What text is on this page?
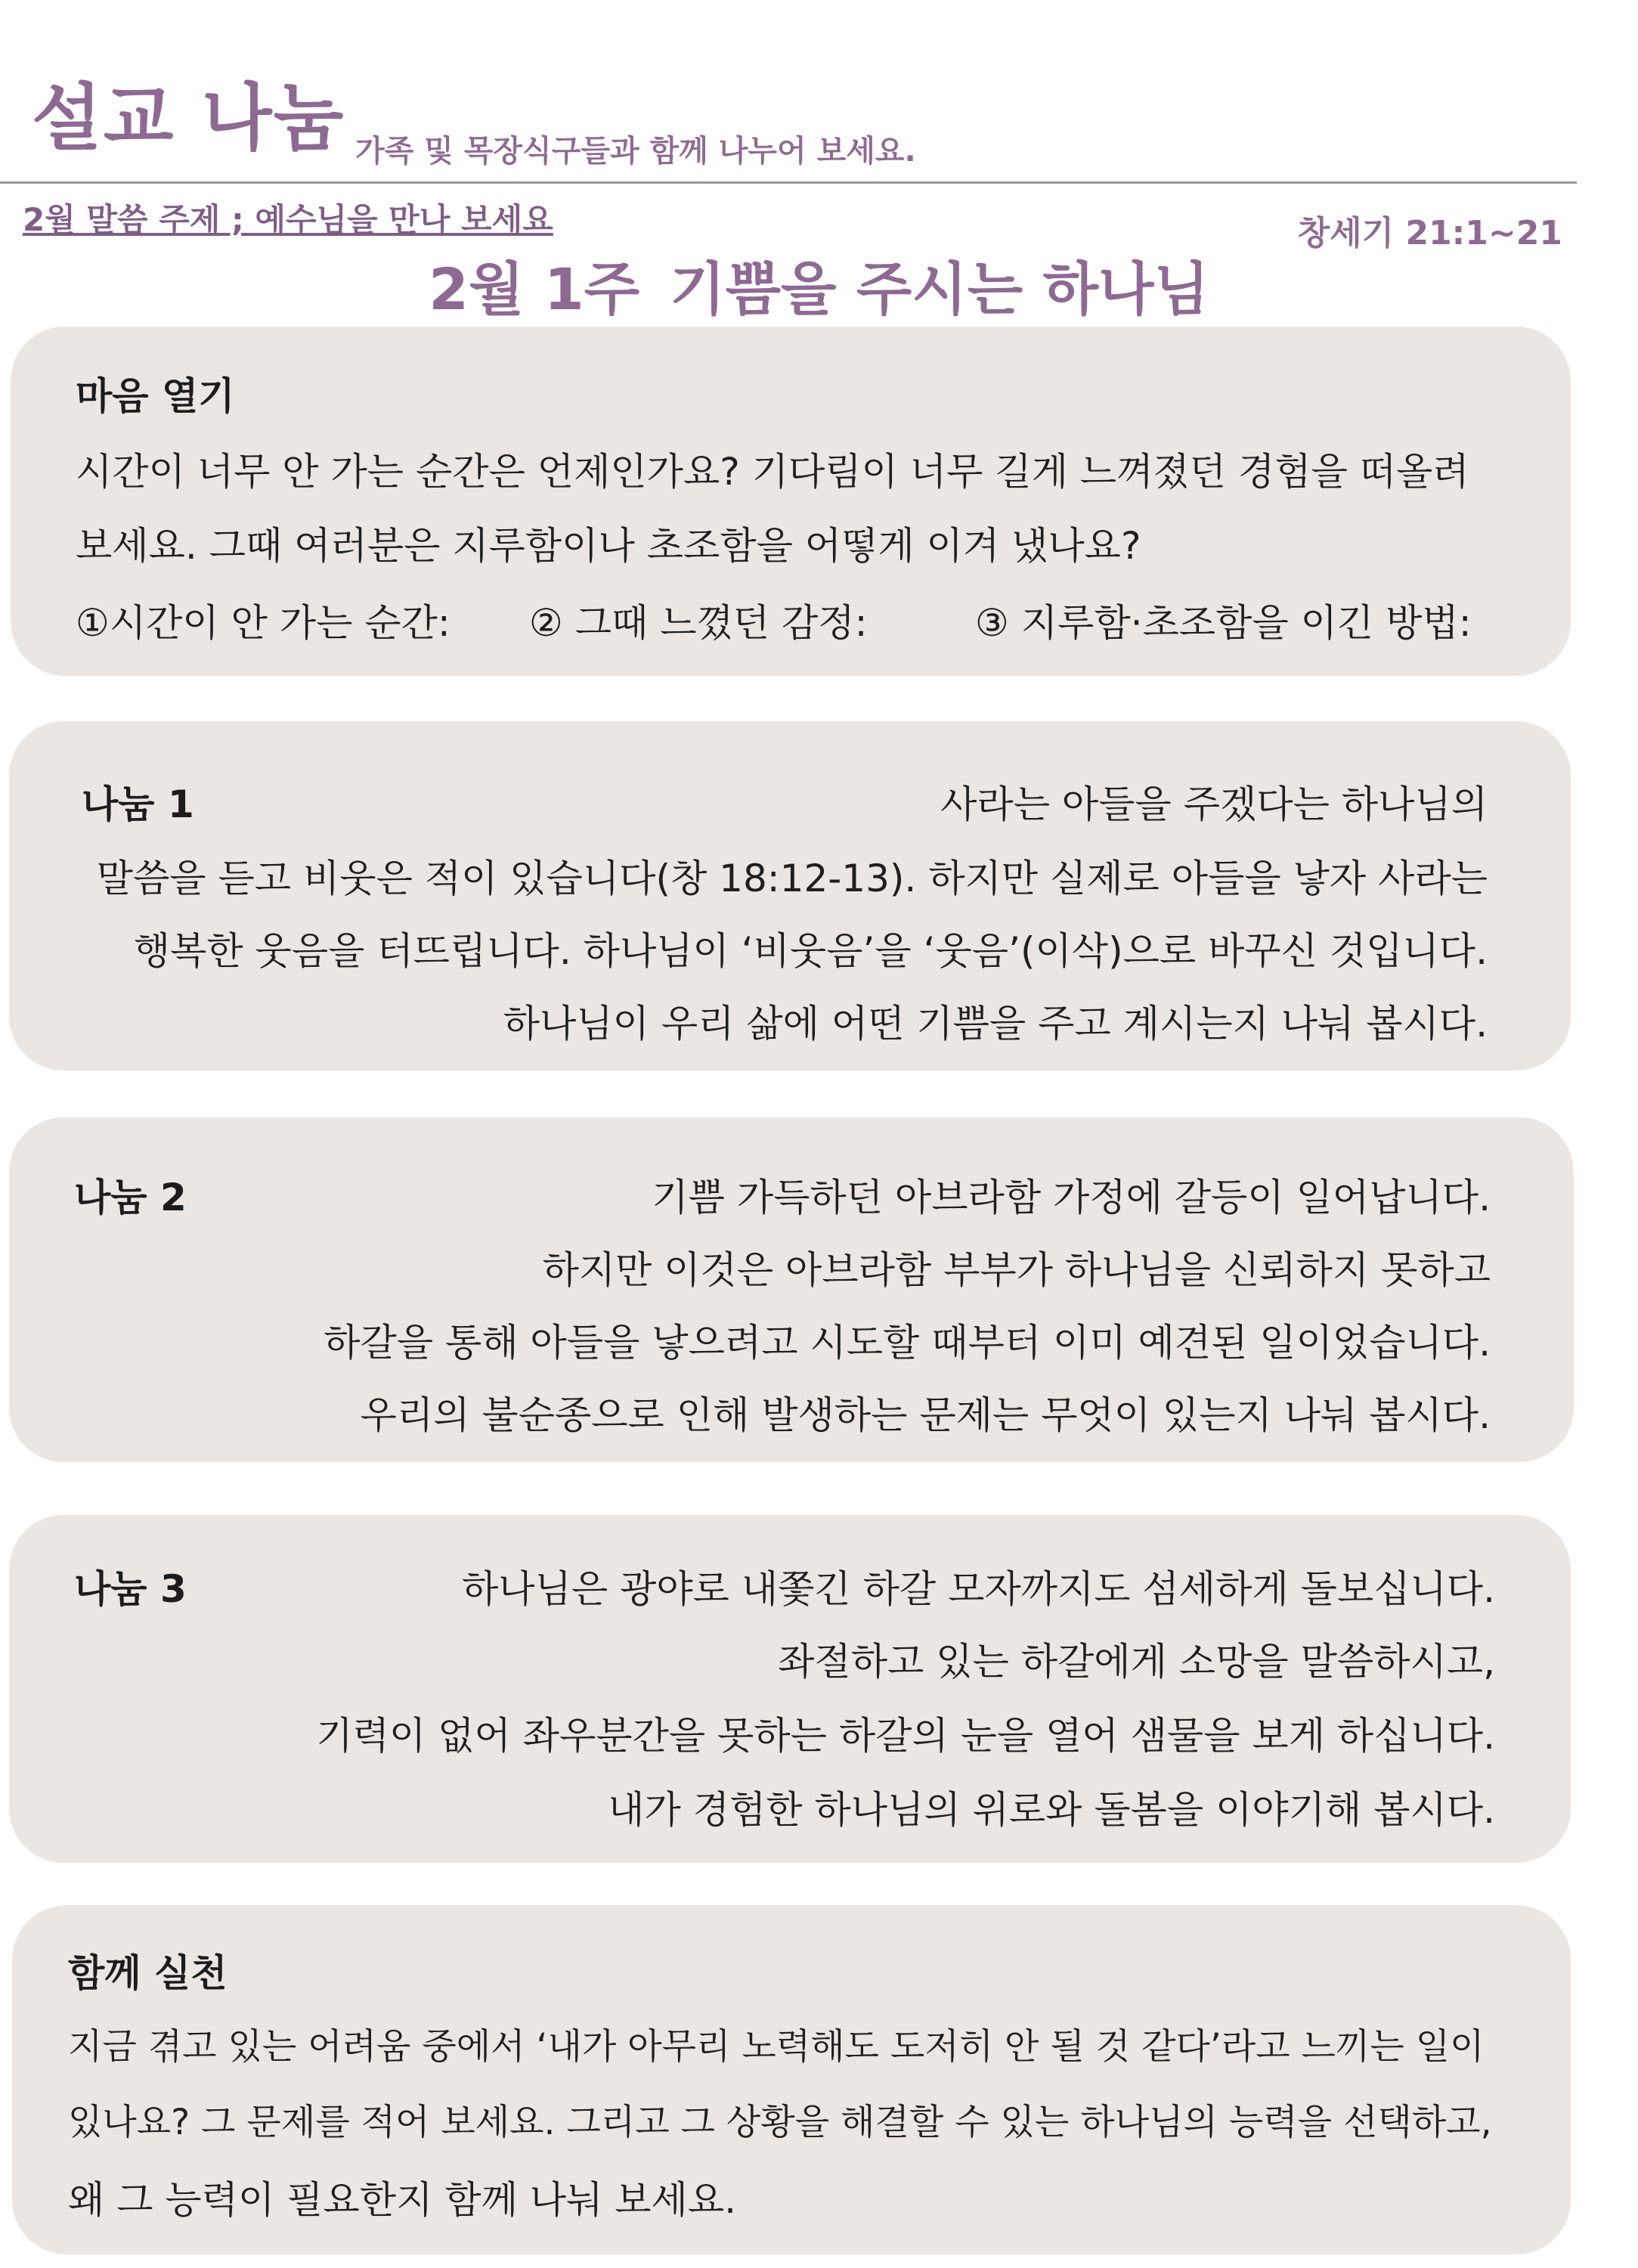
설교 나눔 가족 및 목장식구들과 함께 나누어 보세요.
2월 말씀 주제 ; 예수님을 만나 보세요	창세기 21:1~21
2월 1주 기쁨을 주시는 하나님
마음 열기
시간이 너무 안 가는 순간은 언제인가요? 기다림이 너무 길게 느껴졌던 경험을 떠올려
보세요. 그때 여러분은 지루함이나 초조함을 어떻게 이겨 냈나요?
①시간이 안 가는 순간: ② 그때 느꼈던 감정:	③ 지루함·초조함을 이긴 방법:
나눔 1	사라는 아들을 주겠다는 하나님의
말씀을 듣고 비웃은 적이 있습니다(창 18:12-13). 하지만 실제로 아들을 낳자 사라는
행복한 웃음을 터뜨립니다. 하나님이 ‘비웃음’을 ‘웃음’(이삭)으로 바꾸신 것입니다.
하나님이 우리 삶에 어떤 기쁨을 주고 계시는지 나눠 봅시다.
나눔 2	기쁨 가득하던 아브라함 가정에 갈등이 일어납니다.
하지만 이것은 아브라함 부부가 하나님을 신뢰하지 못하고
하갈을 통해 아들을 낳으려고 시도할 때부터 이미 예견된 일이었습니다.
우리의 불순종으로 인해 발생하는 문제는 무엇이 있는지 나눠 봅시다.
나눔 3	하나님은 광야로 내쫓긴 하갈 모자까지도 섬세하게 돌보십니다.
좌절하고 있는 하갈에게 소망을 말씀하시고,
기력이 없어 좌우분간을 못하는 하갈의 눈을 열어 샘물을 보게 하십니다.
내가 경험한 하나님의 위로와 돌봄을 이야기해 봅시다.
함께 실천
지금 겪고 있는 어려움 중에서 ‘내가 아무리 노력해도 도저히 안 될 것 같다’라고 느끼는 일이
있나요? 그 문제를 적어 보세요. 그리고 그 상황을 해결할 수 있는 하나님의 능력을 선택하고,
왜 그 능력이 필요한지 함께 나눠 보세요.
